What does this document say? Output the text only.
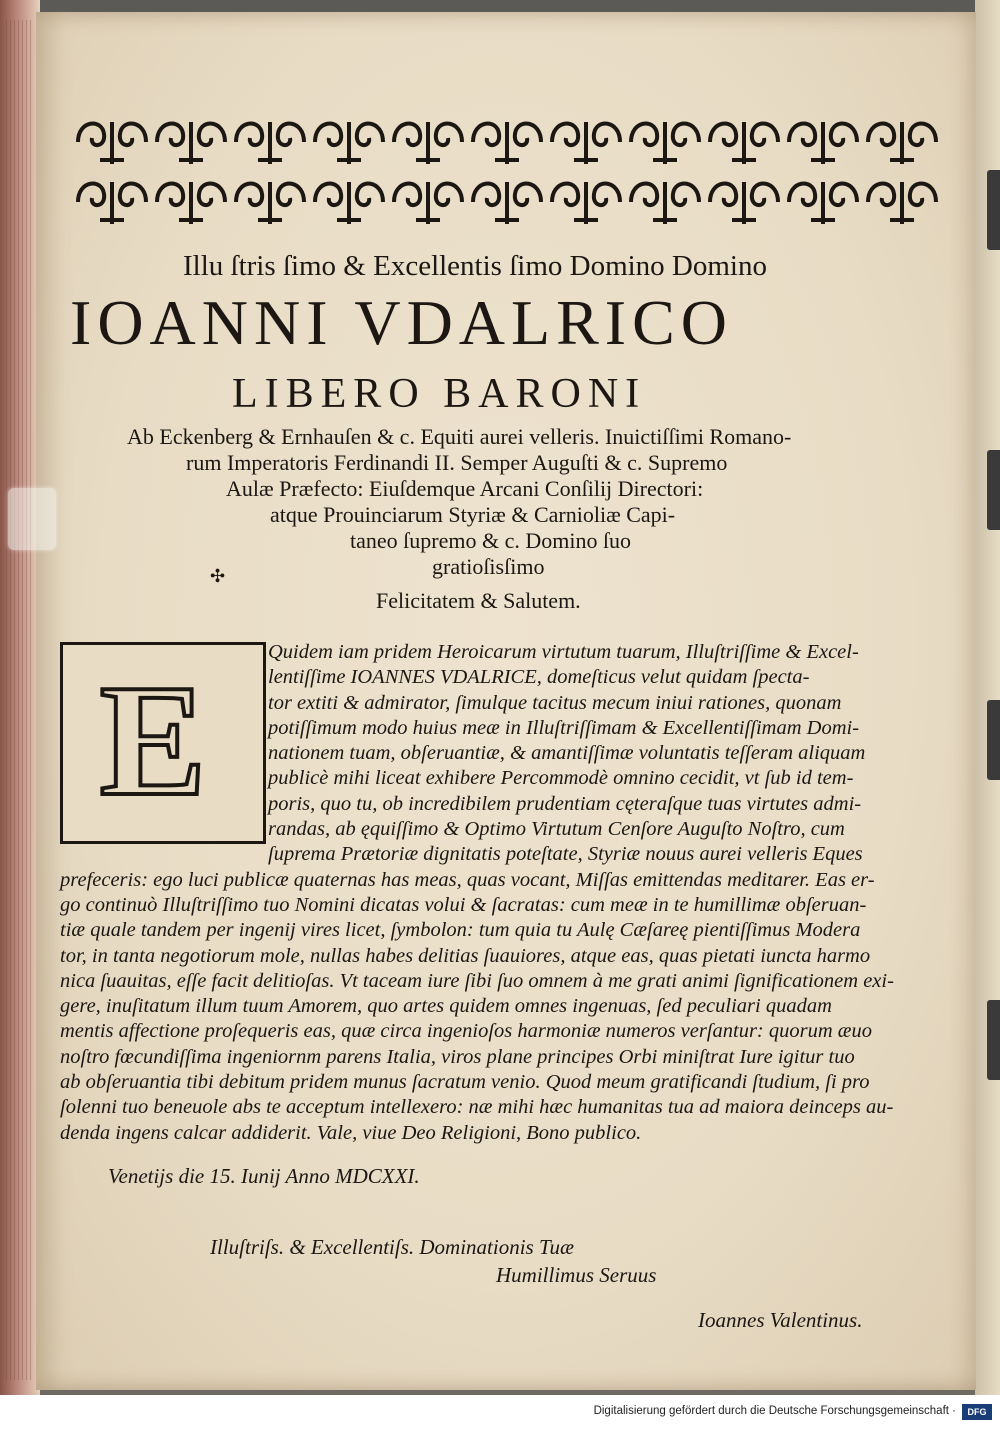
Illu ſtris ſimo & Excellentis ſimo Domino Domino
IOANNI VDALRICO
LIBERO BARONI
Ab Eckenberg & Ernhauſen & c. Equiti aurei velleris. Inuictiſſimi Romano-
rum Imperatoris Ferdinandi II. Semper Auguſti & c. Supremo
Aulæ Præfecto: Eiuſdemque Arcani Conſilij Directori:
atque Prouinciarum Styriæ & Carnioliæ Capi-
taneo ſupremo & c. Domino ſuo
gratioſisſimo
✣
Felicitatem & Salutem.
E	Quidem iam pridem Heroicarum virtutum tuarum, Illuſtriſſime & Excel-
lentiſſime IOANNES VDALRICE, domeſticus velut quidam ſpecta-
tor extiti & admirator, ſimulque tacitus mecum iniui rationes, quonam
potiſſimum modo huius meæ in Illuſtriſſimam & Excellentiſſimam Domi-
nationem tuam, obſeruantiæ, & amantiſſimæ voluntatis teſſeram aliquam
publicè mihi liceat exhibere Percommodè omnino cecidit, vt ſub id tem-
poris, quo tu, ob incredibilem prudentiam cęteraſque tuas virtutes admi-
randas, ab ęquiſſimo & Optimo Virtutum Cenſore Auguſto Noſtro, cum
ſuprema Prætoriæ dignitatis poteſtate, Styriæ nouus aurei velleris Eques
prefeceris: ego luci publicæ quaternas has meas, quas vocant, Miſſas emittendas meditarer. Eas er-
go continuò Illuſtriſſimo tuo Nomini dicatas volui & ſacratas: cum meæ in te humillimæ obſeruan-
tiæ quale tandem per ingenij vires licet, ſymbolon: tum quia tu Aulę Cæſareę pientiſſimus Modera
tor, in tanta negotiorum mole, nullas habes delitias ſuauiores, atque eas, quas pietati iuncta harmo
nica ſuauitas, eſſe facit delitioſas. Vt taceam iure ſibi ſuo omnem à me grati animi ſignificationem exi-
gere, inuſitatum illum tuum Amorem, quo artes quidem omnes ingenuas, ſed peculiari quadam
mentis affectione proſequeris eas, quæ circa ingenioſos harmoniæ numeros verſantur: quorum æuo
noſtro fœcundiſſima ingeniornm parens Italia, viros plane principes Orbi miniſtrat Iure igitur tuo
ab obſeruantia tibi debitum pridem munus ſacratum venio. Quod meum gratificandi ſtudium, ſi pro
ſolenni tuo beneuole abs te acceptum intellexero: næ mihi hæc humanitas tua ad maiora deinceps au-
denda ingens calcar addiderit. Vale, viue Deo Religioni, Bono publico.
Venetijs die 15. Iunij Anno MDCXXI.
Illuſtriſs. & Excellentiſs. Dominationis Tuæ
Humillimus Seruus
Ioannes Valentinus.
Digitalisierung gefördert durch die Deutsche Forschungsgemeinschaft ·	DFG
